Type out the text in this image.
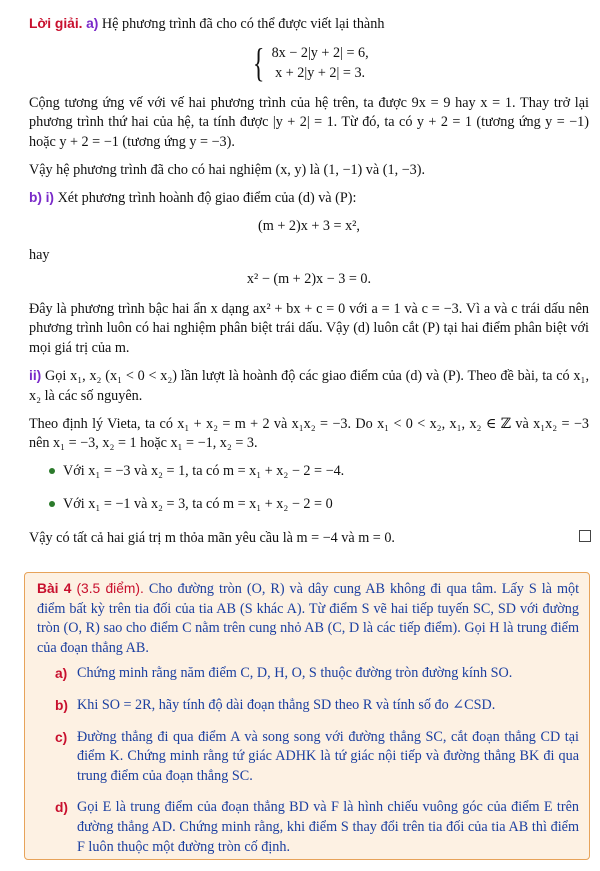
Lời giải. a) Hệ phương trình đã cho có thể được viết lại thành

{ 8x − 2|y + 2| = 6,
x + 2|y + 2| = 3.

Cộng tương ứng vế với vế hai phương trình của hệ trên, ta được 9x = 9 hay x = 1. Thay trở lại phương trình thứ hai của hệ, ta tính được |y + 2| = 1. Từ đó, ta có y + 2 = 1 (tương ứng y = −1) hoặc y + 2 = −1 (tương ứng y = −3).

Vậy hệ phương trình đã cho có hai nghiệm (x, y) là (1, −1) và (1, −3).

b) i) Xét phương trình hoành độ giao điểm của (d) và (P):

(m + 2)x + 3 = x²,

hay

x² − (m + 2)x − 3 = 0.

Đây là phương trình bậc hai ẩn x dạng ax² + bx + c = 0 với a = 1 và c = −3. Vì a và c trái dấu nên phương trình luôn có hai nghiệm phân biệt trái dấu. Vậy (d) luôn cắt (P) tại hai điểm phân biệt với mọi giá trị của m.

ii) Gọi x₁, x₂ (x₁ < 0 < x₂) lần lượt là hoành độ các giao điểm của (d) và (P). Theo đề bài, ta có x₁, x₂ là các số nguyên.

Theo định lý Vieta, ta có x₁ + x₂ = m + 2 và x₁x₂ = −3. Do x₁ < 0 < x₂, x₁, x₂ ∈ ℤ và x₁x₂ = −3 nên x₁ = −3, x₂ = 1 hoặc x₁ = −1, x₂ = 3.

Với x₁ = −3 và x₂ = 1, ta có m = x₁ + x₂ − 2 = −4.
Với x₁ = −1 và x₂ = 3, ta có m = x₁ + x₂ − 2 = 0

Vậy có tất cả hai giá trị m thỏa mãn yêu cầu là m = −4 và m = 0.

Bài 4 (3.5 điểm). Cho đường tròn (O, R) và dây cung AB không đi qua tâm. Lấy S là một điểm bất kỳ trên tia đối của tia AB (S khác A). Từ điểm S vẽ hai tiếp tuyến SC, SD với đường tròn (O, R) sao cho điểm C nằm trên cung nhỏ AB (C, D là các tiếp điểm). Gọi H là trung điểm của đoạn thẳng AB.

a) Chứng minh rằng năm điểm C, D, H, O, S thuộc đường tròn đường kính SO.
b) Khi SO = 2R, hãy tính độ dài đoạn thẳng SD theo R và tính số đo ∠CSD.
c) Đường thẳng đi qua điểm A và song song với đường thẳng SC, cắt đoạn thẳng CD tại điểm K. Chứng minh rằng tứ giác ADHK là tứ giác nội tiếp và đường thẳng BK đi qua trung điểm của đoạn thẳng SC.
d) Gọi E là trung điểm của đoạn thẳng BD và F là hình chiếu vuông góc của điểm E trên đường thẳng AD. Chứng minh rằng, khi điểm S thay đổi trên tia đối của tia AB thì điểm F luôn thuộc một đường tròn cố định.
